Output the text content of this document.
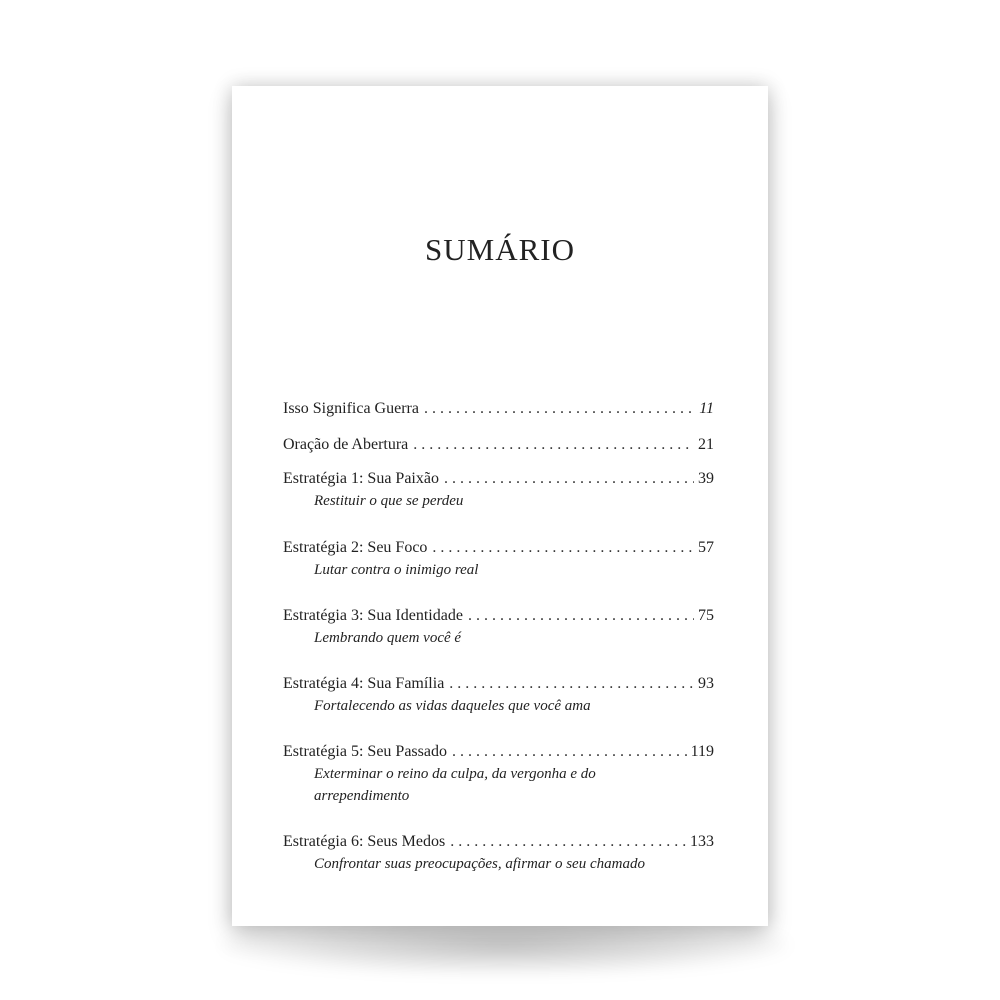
SUMÁRIO
Isso Significa Guerra . . .	11
Oração de Abertura . . .	21
Estratégia 1: Sua Paixão . . .	39
Restituir o que se perdeu
Estratégia 2: Seu Foco . . .	57
Lutar contra o inimigo real
Estratégia 3: Sua Identidade . . .	75
Lembrando quem você é
Estratégia 4: Sua Família . . .	93
Fortalecendo as vidas daqueles que você ama
Estratégia 5: Seu Passado . . .	119
Exterminar o reino da culpa, da vergonha e do
arrependimento
Estratégia 6: Seus Medos . . .	133
Confrontar suas preocupações, afirmar o seu chamado
